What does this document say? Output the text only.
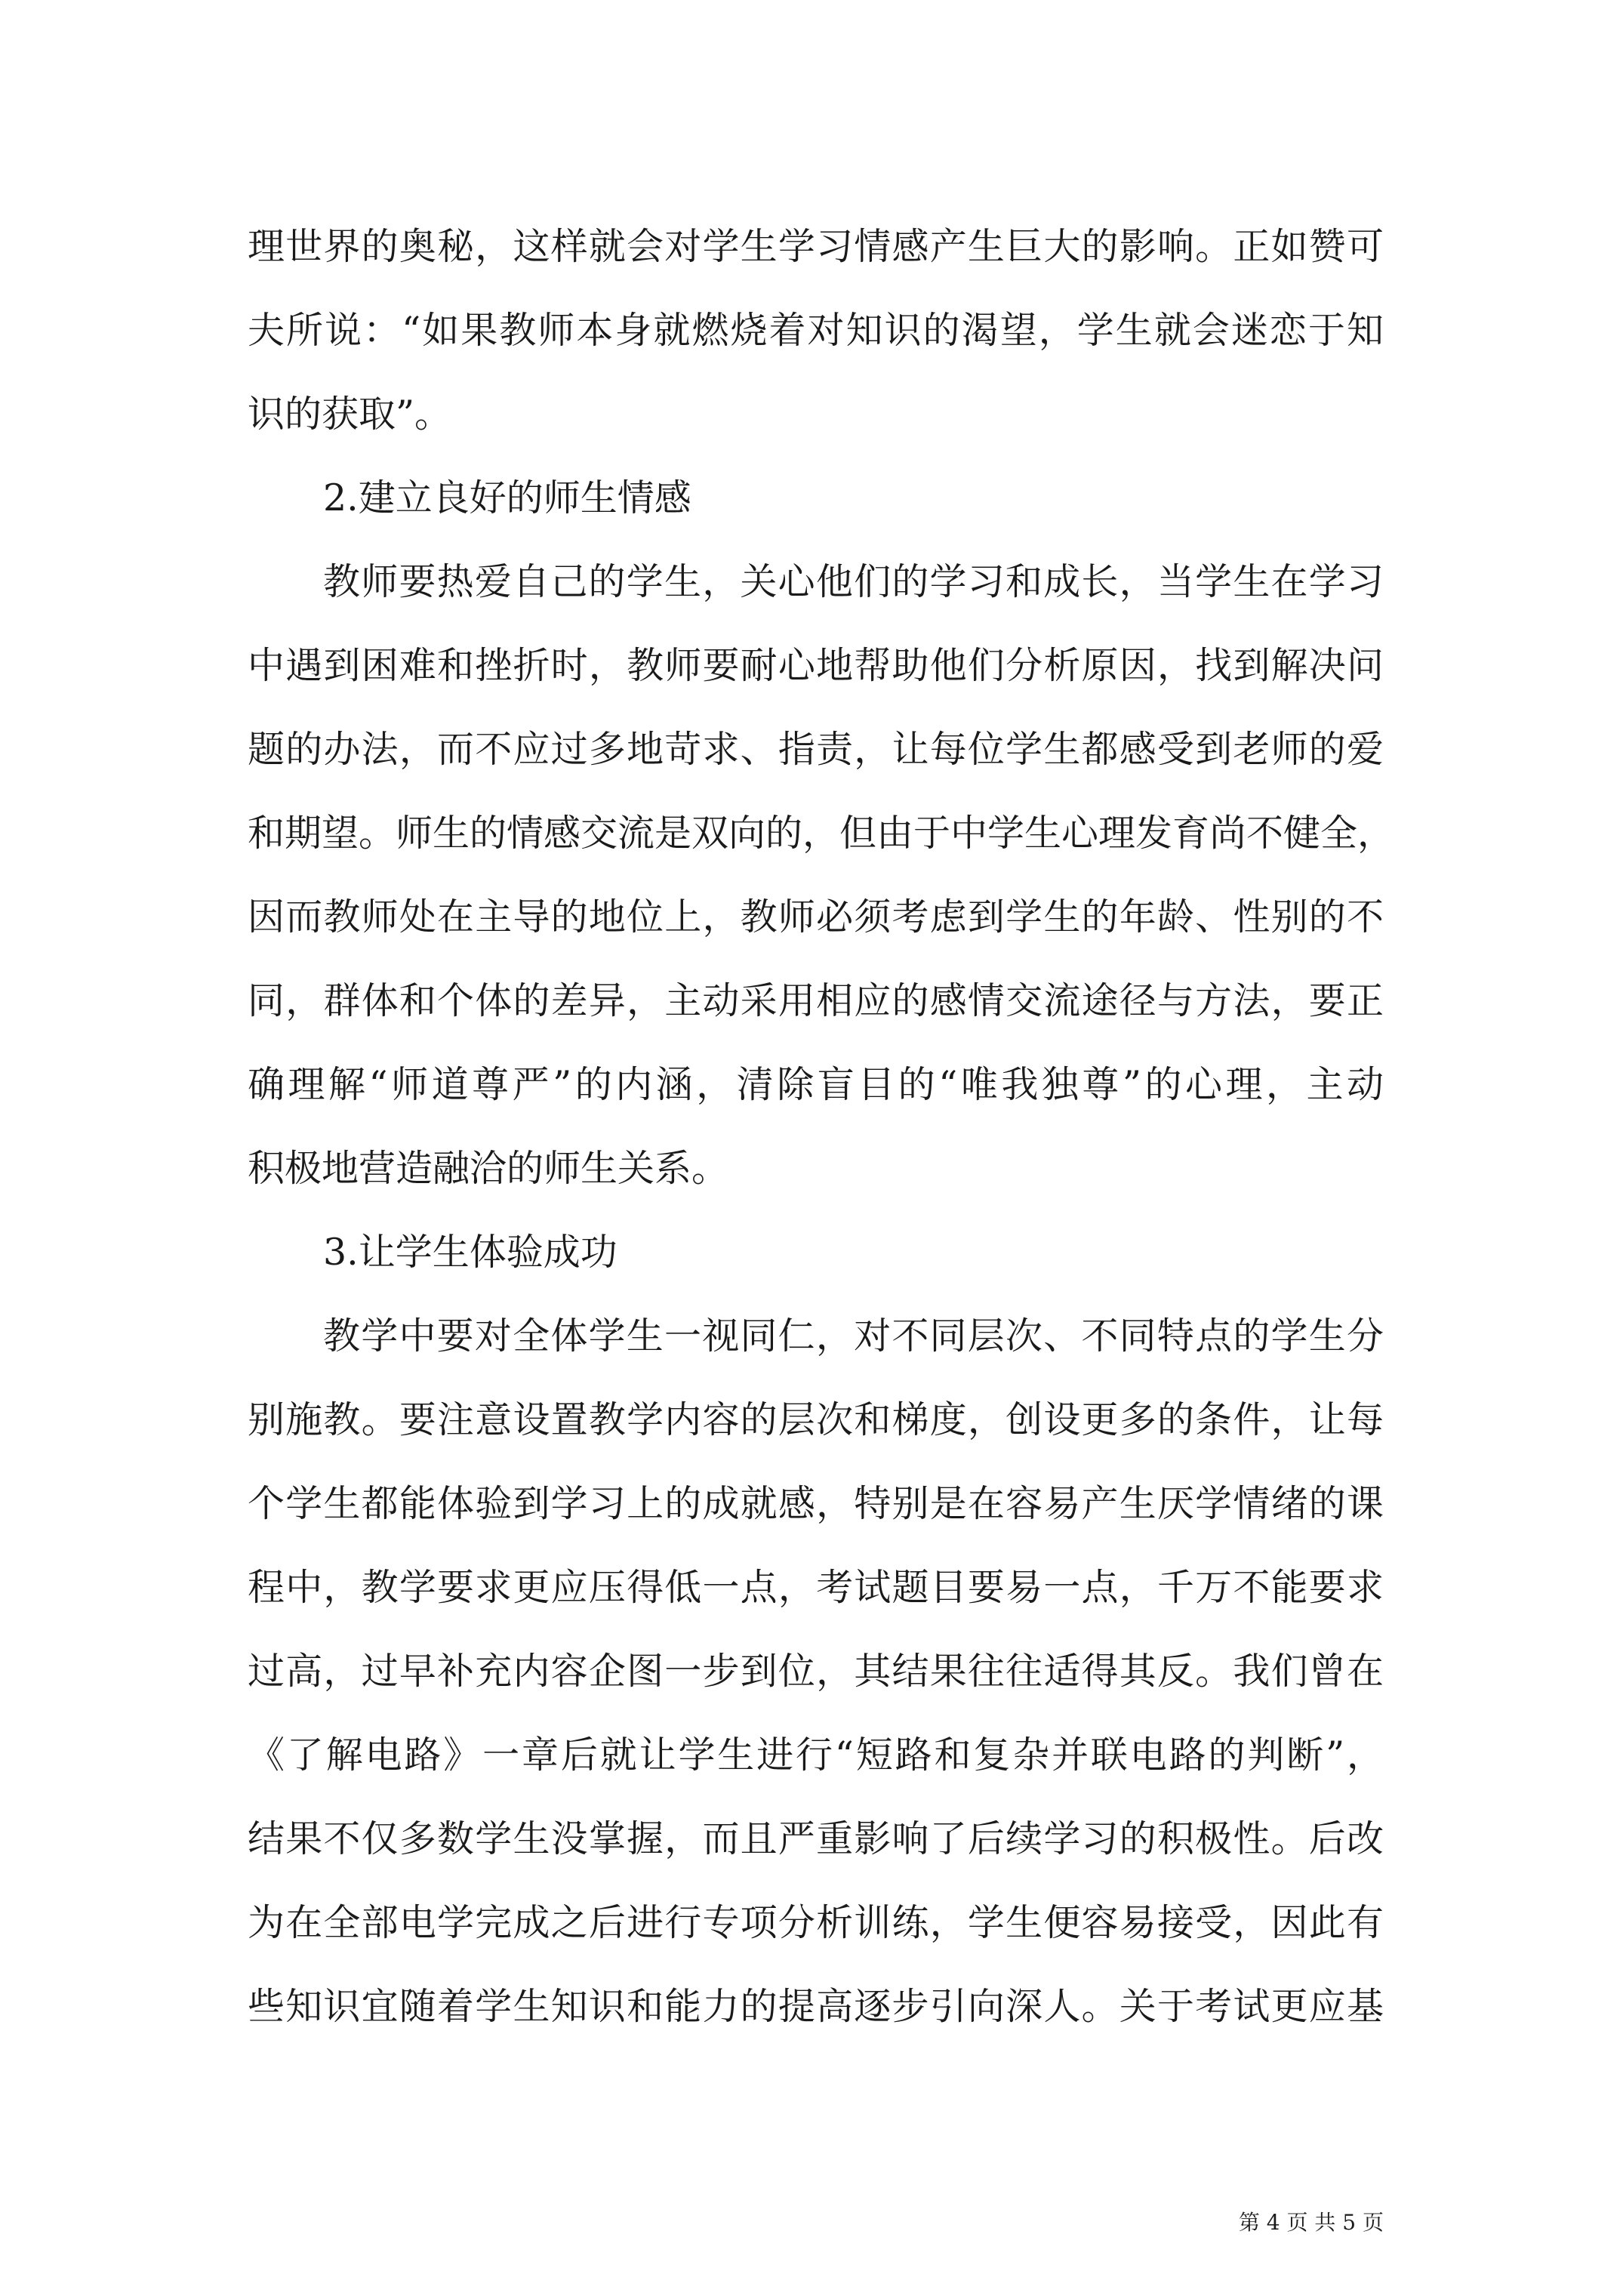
理世界的奥秘，这样就会对学生学习情感产生巨大的影响。正如赞可
夫所说：“如果教师本身就燃烧着对知识的渴望，学生就会迷恋于知
识的获取”。
2.建立良好的师生情感
教师要热爱自己的学生，关心他们的学习和成长，当学生在学习
中遇到困难和挫折时，教师要耐心地帮助他们分析原因，找到解决问
题的办法，而不应过多地苛求、指责，让每位学生都感受到老师的爱
和期望。师生的情感交流是双向的，但由于中学生心理发育尚不健全，
因而教师处在主导的地位上，教师必须考虑到学生的年龄、性别的不
同，群体和个体的差异，主动采用相应的感情交流途径与方法，要正
确理解“师道尊严”的内涵，清除盲目的“唯我独尊”的心理，主动
积极地营造融洽的师生关系。
3.让学生体验成功
教学中要对全体学生一视同仁，对不同层次、不同特点的学生分
别施教。要注意设置教学内容的层次和梯度，创设更多的条件，让每
个学生都能体验到学习上的成就感，特别是在容易产生厌学情绪的课
程中，教学要求更应压得低一点，考试题目要易一点，千万不能要求
过高，过早补充内容企图一步到位，其结果往往适得其反。我们曾在
《了解电路》一章后就让学生进行“短路和复杂并联电路的判断”，
结果不仅多数学生没掌握，而且严重影响了后续学习的积极性。后改
为在全部电学完成之后进行专项分析训练，学生便容易接受，因此有
些知识宜随着学生知识和能力的提高逐步引向深人。关于考试更应基
第 4 页 共 5 页
